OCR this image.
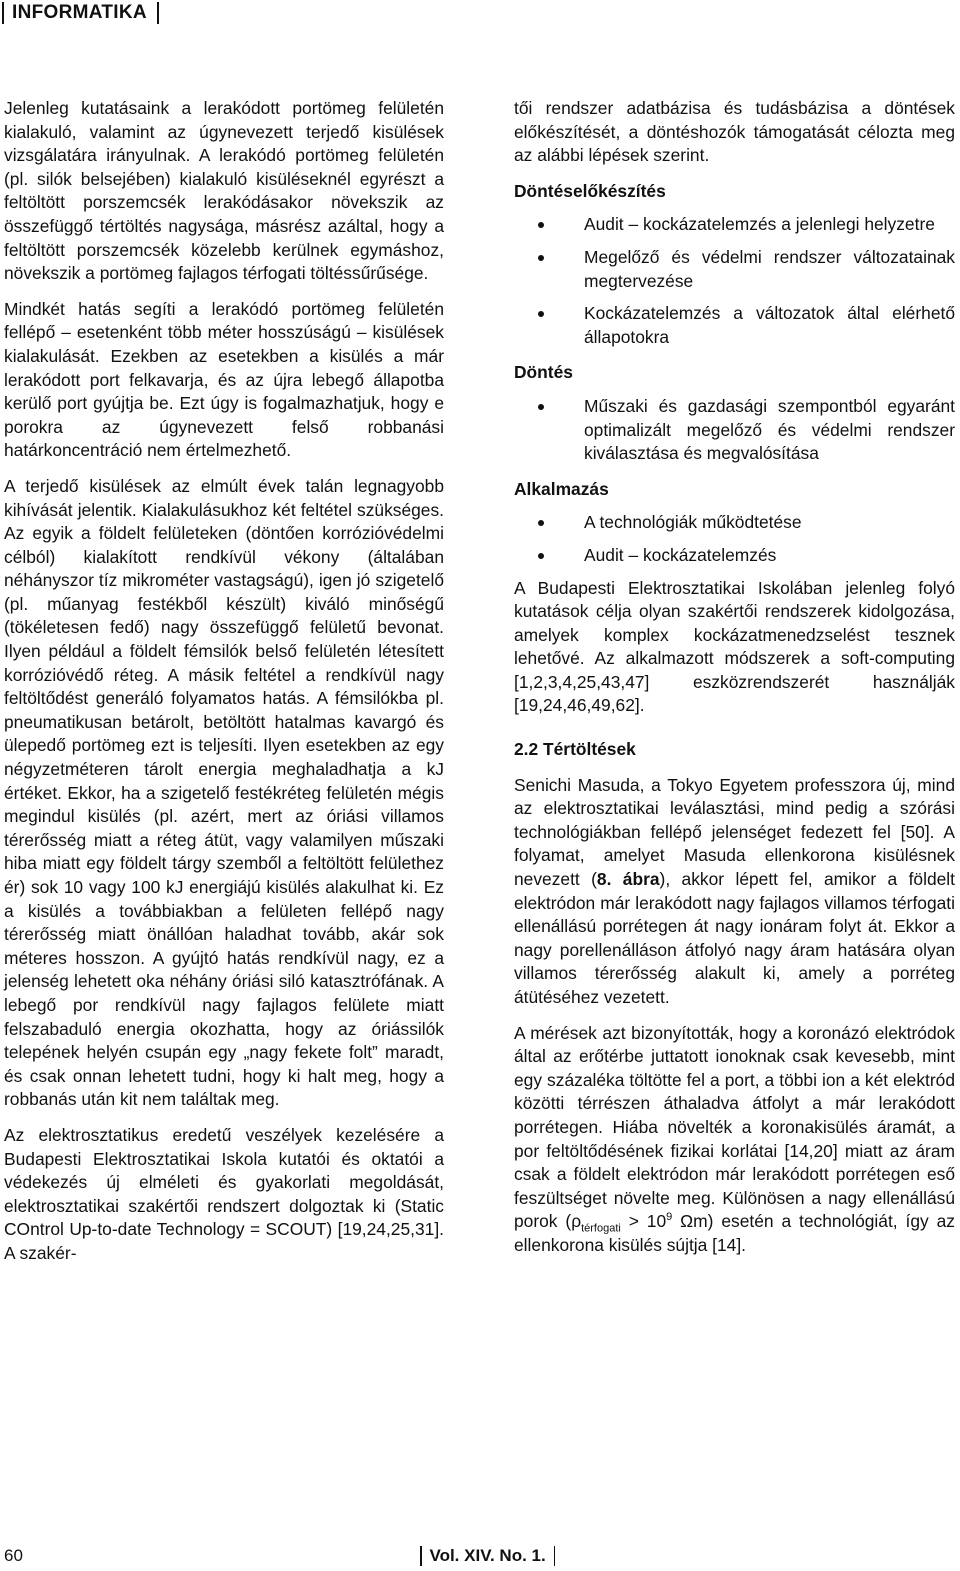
INFORMATIKA

Jelenleg kutatásaink a lerakódott portömeg felületén kialakuló, valamint az úgynevezett terjedő kisülések vizsgálatára irányulnak. A lerakódó portömeg felületén (pl. silók belsejében) kialakuló kisüléseknél egyrészt a feltöltött porszemcsék lerakódásakor növekszik az összefüggő tértöltés nagysága, másrész azáltal, hogy a feltöltött porszemcsék közelebb kerülnek egymáshoz, növekszik a portömeg fajlagos térfogati töltéssűrűsége.

Mindkét hatás segíti a lerakódó portömeg felületén fellépő – esetenként több méter hosszúságú – kisülések kialakulását. Ezekben az esetekben a kisülés a már lerakódott port felkavarja, és az újra lebegő állapotba kerülő port gyújtja be. Ezt úgy is fogalmazhatjuk, hogy e porokra az úgynevezett felső robbanási határkoncentráció nem értelmezhető.

A terjedő kisülések az elmúlt évek talán legnagyobb kihívását jelentik. Kialakulásukhoz két feltétel szükséges. Az egyik a földelt felületeken (döntően korrózióvédelmi célból) kialakított rendkívül vékony (általában néhányszor tíz mikrométer vastagságú), igen jó szigetelő (pl. műanyag festékből készült) kiváló minőségű (tökéletesen fedő) nagy összefüggő felületű bevonat. Ilyen például a földelt fémsilók belső felületén létesített korrózióvédő réteg. A másik feltétel a rendkívül nagy feltöltődést generáló folyamatos hatás. A fémsilókba pl. pneumatikusan betárolt, betöltött hatalmas kavargó és ülepedő portömeg ezt is teljesíti. Ilyen esetekben az egy négyzetméteren tárolt energia meghaladhatja a kJ értéket. Ekkor, ha a szigetelő festékréteg felületén mégis megindul kisülés (pl. azért, mert az óriási villamos térerősség miatt a réteg átüt, vagy valamilyen műszaki hiba miatt egy földelt tárgy szemből a feltöltött felülethez ér) sok 10 vagy 100 kJ energiájú kisülés alakulhat ki. Ez a kisülés a továbbiakban a felületen fellépő nagy térerősség miatt önállóan haladhat tovább, akár sok méteres hosszon. A gyújtó hatás rendkívül nagy, ez a jelenség lehetett oka néhány óriási siló katasztrófának. A lebegő por rendkívül nagy fajlagos felülete miatt felszabaduló energia okozhatta, hogy az óriássilók telepének helyén csupán egy „nagy fekete folt” maradt, és csak onnan lehetett tudni, hogy ki halt meg, hogy a robbanás után kit nem találtak meg.

Az elektrosztatikus eredetű veszélyek kezelésére a Budapesti Elektrosztatikai Iskola kutatói és oktatói a védekezés új elméleti és gyakorlati megoldását, elektrosztatikai szakértői rendszert dolgoztak ki (Static COntrol Up-to-date Technology = SCOUT) [19,24,25,31]. A szakér-

tői rendszer adatbázisa és tudásbázisa a döntések előkészítését, a döntéshozók támogatását célozta meg az alábbi lépések szerint.

Döntéselőkészítés
Audit – kockázatelemzés a jelenlegi helyzetre
Megelőző és védelmi rendszer változatainak megtervezése
Kockázatelemzés a változatok által elérhető állapotokra
Döntés
Műszaki és gazdasági szempontból egyaránt optimalizált megelőző és védelmi rendszer kiválasztása és megvalósítása
Alkalmazás
A technológiák működtetése
Audit – kockázatelemzés

A Budapesti Elektrosztatikai Iskolában jelenleg folyó kutatások célja olyan szakértői rendszerek kidolgozása, amelyek komplex kockázatmenedzselést tesznek lehetővé. Az alkalmazott módszerek a soft-computing [1,2,3,4,25,43,47] eszközrendszerét használják [19,24,46,49,62].

2.2 Tértöltések

Senichi Masuda, a Tokyo Egyetem professzora új, mind az elektrosztatikai leválasztási, mind pedig a szórási technológiákban fellépő jelenséget fedezett fel [50]. A folyamat, amelyet Masuda ellenkorona kisülésnek nevezett (8. ábra), akkor lépett fel, amikor a földelt elektródon már lerakódott nagy fajlagos villamos térfogati ellenállású porrétegen át nagy ionáram folyt át. Ekkor a nagy porellenálláson átfolyó nagy áram hatására olyan villamos térerősség alakult ki, amely a porréteg átütéséhez vezetett.

A mérések azt bizonyították, hogy a koronázó elektródok által az erőtérbe juttatott ionoknak csak kevesebb, mint egy százaléka töltötte fel a port, a többi ion a két elektród közötti térrészen áthaladva átfolyt a már lerakódott porrétegen. Hiába növelték a koronakisülés áramát, a por feltöltődésének fizikai korlátai [14,20] miatt az áram csak a földelt elektródon már lerakódott porrétegen eső feszültséget növelte meg. Különösen a nagy ellenállású porok ($\rho_{térfogati} > 10^9$ Ωm) esetén a technológiát, így az ellenkorona kisülés sújtja [14].

60	Vol. XIV. No. 1.
